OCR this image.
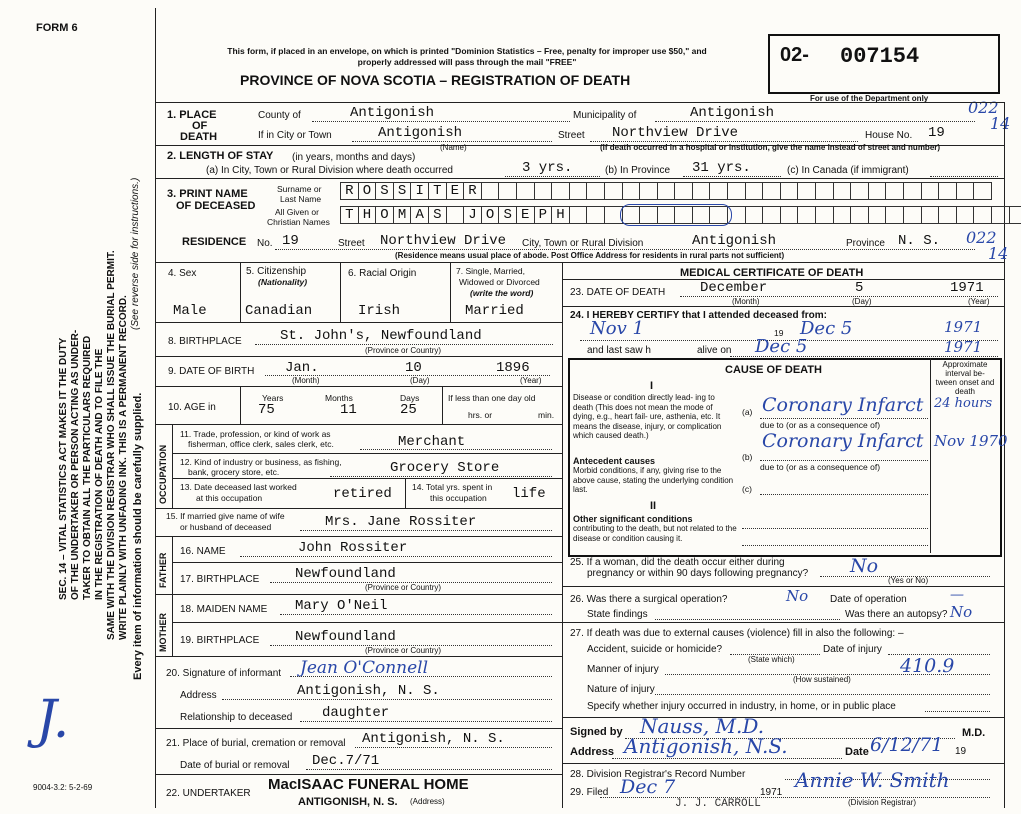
FORM 6
This form, if placed in an envelope, on which is printed "Dominion Statistics – Free, penalty for improper use $50," and properly addressed will pass through the mail "FREE"
PROVINCE OF NOVA SCOTIA – REGISTRATION OF DEATH
02- 007154
For use of the Department only 022
14
SEC. 14 – VITAL STATISTICS ACT MAKES IT THE DUTY OF THE UNDERTAKER OR PERSON ACTING AS UNDER- TAKER TO OBTAIN ALL THE PARTICULARS REQUIRED IN THE REGISTRATION OF DEATH AND TO FILE THE SAME WITH THE DIVISION REGISTRAR WHO SHALL ISSUE THE BURIAL PERMIT. WRITE PLAINLY WITH UNFADING INK. THIS IS A PERMANENT RECORD.
(See reverse side for instructions.)
Every item of information should be carefully supplied.
J.
1. PLACE
OF
DEATH
County of	Antigonish	Municipality of	Antigonish
If in City or Town	Antigonish
(Name)
Street Northview Drive	House No. 19
(If death occurred in a hospital or institution, give the name instead of street and number)
2. LENGTH OF STAY (in years, months and days)
(a) In City, Town or Rural Division where death occurred	3 yrs.	(b) In Province 31 yrs.	(c) In Canada (if immigrant)
3. PRINT NAME
OF DECEASED
Surname or
Last Name
All Given or
Christian Names
R O S S I T E R
T H O M A S	J O S E P H
RESIDENCE No. 19	Street Northview Drive City, Town or Rural Division	Antigonish	Province N. S.
(Residence means usual place of abode. Post Office Address for residents in rural parts not sufficient)
022
14
4. Sex
Male
5. Citizenship
(Nationality)
Canadian
6. Racial Origin
Irish
7. Single, Married,
Widowed or Divorced
(write the word)
Married
8. BIRTHPLACE	St. John's, Newfoundland
(Province or Country)
9. DATE OF BIRTH Jan.	10	1896
(Month)	(Day)	(Year)
10. AGE in
Years	Months	Days
75	11	25
If less than one day old
hrs. or	min.
OCCUPATION
11. Trade, profession, or kind of work as
fisherman, office clerk, sales clerk, etc.	Merchant
12. Kind of industry or business, as fishing,
bank, grocery store, etc.	Grocery Store
13. Date deceased last worked
at this occupation	retired 14. Total yrs. spent in
this occupation life
15. If married give name of wife
or husband of deceased	Mrs. Jane Rossiter
FATHER
16. NAME	John Rossiter
17. BIRTHPLACE	Newfoundland
(Province or Country)
MOTHER
18. MAIDEN NAME Mary O'Neil
19. BIRTHPLACE	Newfoundland
(Province or Country)
20. Signature of informant Jean O'Connell
Address	Antigonish, N. S.
Relationship to deceased daughter
21. Place of burial, cremation or removal Antigonish, N. S.
Date of burial or removal Dec.7/71
22. UNDERTAKER
MacISAAC FUNERAL HOME
ANTIGONISH, N. S. (Address)
9004-3.2: 5-2-69
MEDICAL CERTIFICATE OF DEATH
23. DATE OF DEATH December	5	1971
(Month)	(Day)	(Year)
24. I HEREBY CERTIFY that I attended deceased from:
Nov 1	19 Dec 5	1971
and last saw h	alive on Dec 5	1971
CAUSE OF DEATH	Approximate interval be- tween onset and death
I
Disease or condition directly lead- ing to death (This does not mean the mode of dying, e.g., heart fail- ure, asthenia, etc. It means the disease, injury, or complication which caused death.)
(a) Coronary Infarct 24 hours
due to (or as a consequence of)
Antecedent causes
Morbid conditions, if any, giving rise to the above cause, stating the underlying condition last.
(b)
Coronary Infarct Nov 1970
due to (or as a consequence of)
(c)
II
Other significant conditions
contributing to the death, but not related to the disease or condition causing it.
25. If a woman, did the death occur either during
pregnancy or within 90 days following pregnancy? No
(Yes or No)
26. Was there a surgical operation?	No Date of operation	—
State findings	Was there an autopsy? No
27. If death was due to external causes (violence) fill in also the following: –
Accident, suicide or homicide?
(State which)
Date of injury
Manner of injury	410.9
(How sustained)
Nature of injury
Specify whether injury occurred in industry, in home, or in public place
Signed by Nauss, M.D.	M.D.
Address Antigonish, N.S.	Date 6/12/71 19
28. Division Registrar's Record Number
29. Filed Dec 7	1971
Annie W. Smith
(Division Registrar)
J. J. CARROLL
